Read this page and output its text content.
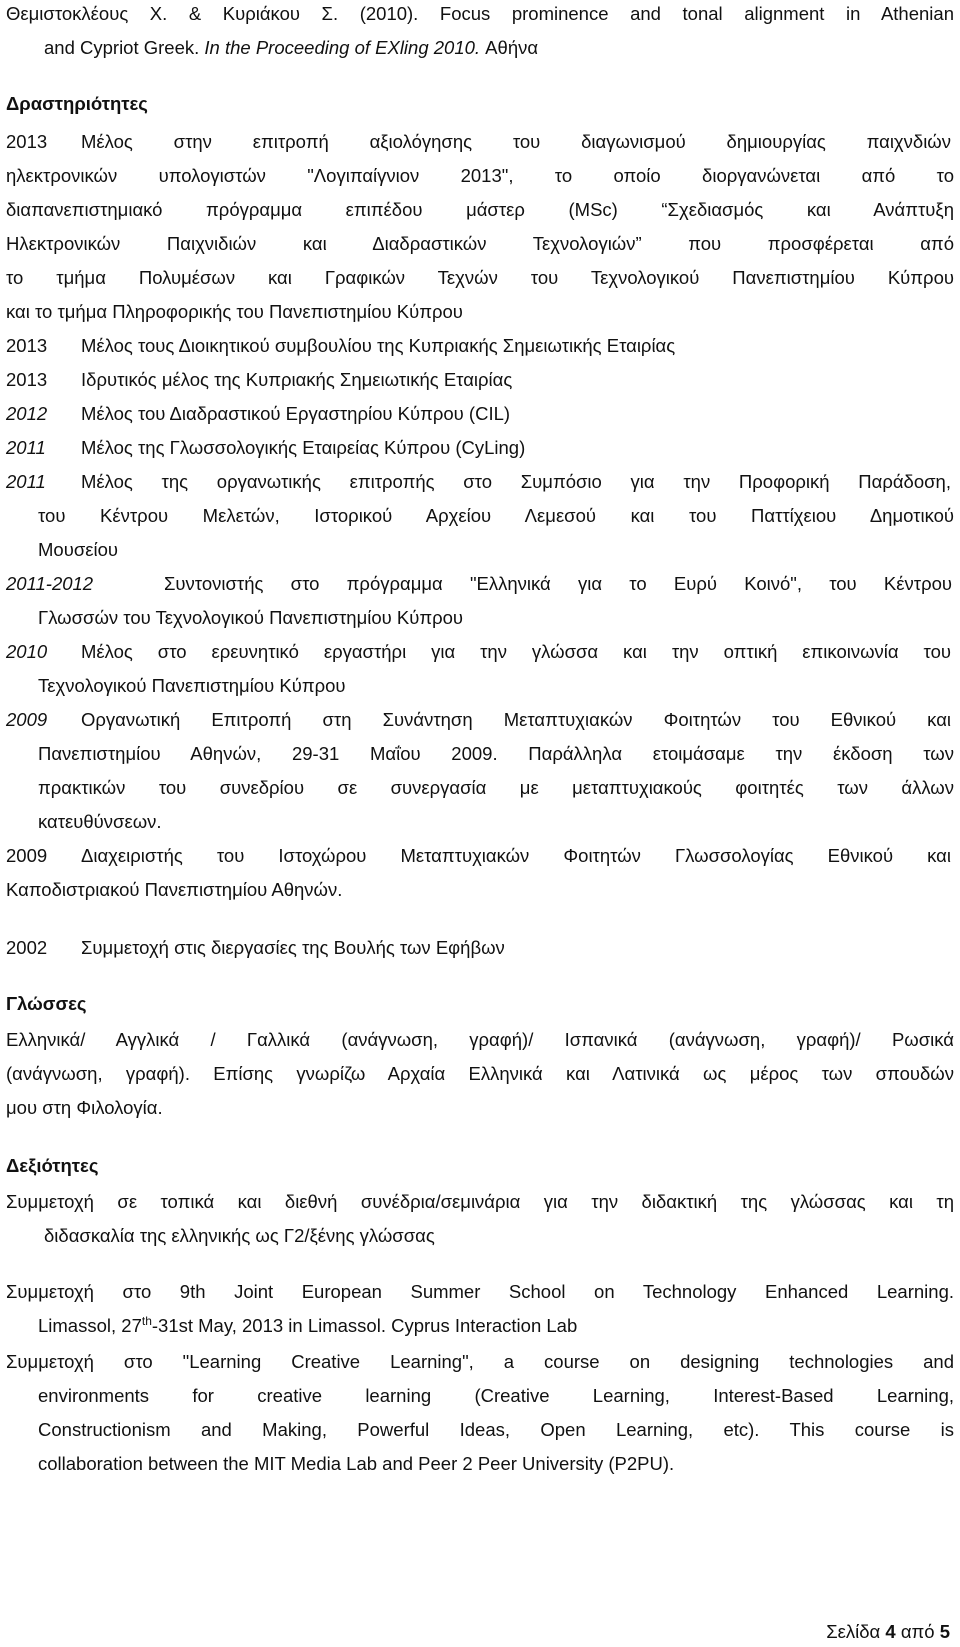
Θεμιστοκλέους Χ. & Κυριάκου Σ. (2010). Focus prominence and tonal alignment in Athenian
and Cypriot Greek. In the Proceeding of EXling 2010. Αθήνα
Δραστηριότητες
2013 Μέλος στην επιτροπή αξιολόγησης του διαγωνισμού δημιουργίας παιχνδιών
ηλεκτρονικών υπολογιστών "Λογιπαίγνιον 2013", το οποίο διοργανώνεται από το
διαπανεπιστημιακό πρόγραμμα επιπέδου μάστερ (MSc) “Σχεδιασμός και Ανάπτυξη
Ηλεκτρονικών Παιχνιδιών και Διαδραστικών Τεχνολογιών” που προσφέρεται από
το τμήμα Πολυμέσων και Γραφικών Τεχνών του Τεχνολογικού Πανεπιστημίου Κύπρου
και το τμήμα Πληροφορικής του Πανεπιστημίου Κύπρου
2013 Μέλος τους Διοικητικού συμβουλίου της Κυπριακής Σημειωτικής Εταιρίας
2013 Ιδρυτικός μέλος της Κυπριακής Σημειωτικής Εταιρίας
2012 Μέλος του Διαδραστικού Εργαστηρίου Κύπρου (CIL)
2011 Μέλος της Γλωσσολογικής Εταιρείας Κύπρου (CyLing)
2011 Μέλος της οργανωτικής επιτροπής στο Συμπόσιο για την Προφορική Παράδοση,
του Κέντρου Μελετών, Ιστορικού Αρχείου Λεμεσού και του Παττίχειου Δημοτικού
Μουσείου
2011-2012	Συντονιστής στο πρόγραμμα "Ελληνικά για το Ευρύ Κοινό", του Κέντρου
Γλωσσών του Τεχνολογικού Πανεπιστημίου Κύπρου
2010 Μέλος στο ερευνητικό εργαστήρι για την γλώσσα και την οπτική επικοινωνία του
Τεχνολογικού Πανεπιστημίου Κύπρου
2009 Οργανωτική Επιτροπή στη Συνάντηση Μεταπτυχιακών Φοιτητών του Εθνικού και
Πανεπιστημίου Αθηνών, 29-31 Μαΐου 2009. Παράλληλα ετοιμάσαμε την έκδοση των
πρακτικών του συνεδρίου σε συνεργασία με μεταπτυχιακούς φοιτητές των άλλων
κατευθύνσεων.
2009 Διαχειριστής του Ιστοχώρου Μεταπτυχιακών Φοιτητών Γλωσσολογίας Εθνικού και
Καποδιστριακού Πανεπιστημίου Αθηνών.
2002 Συμμετοχή στις διεργασίες της Βουλής των Εφήβων
Γλώσσες
Ελληνικά/ Αγγλικά / Γαλλικά (ανάγνωση, γραφή)/ Ισπανικά (ανάγνωση, γραφή)/ Ρωσικά
(ανάγνωση, γραφή). Επίσης γνωρίζω Αρχαία Ελληνικά και Λατινικά ως μέρος των σπουδών
μου στη Φιλολογία.
Δεξιότητες
Συμμετοχή σε τοπικά και διεθνή συνέδρια/σεμινάρια για την διδακτική της γλώσσας και τη
διδασκαλία της ελληνικής ως Γ2/ξένης γλώσσας
Συμμετοχή στο 9th Joint European Summer School on Technology Enhanced Learning.
Limassol, 27th-31st May, 2013 in Limassol. Cyprus Interaction Lab
Συμμετοχή στο "Learning Creative Learning", a course on designing technologies and
environments for creative learning (Creative Learning, Interest-Based Learning,
Constructionism and Making, Powerful Ideas, Open Learning, etc). This course is
collaboration between the MIT Media Lab and Peer 2 Peer University (P2PU).
Σελίδα 4 από 5
